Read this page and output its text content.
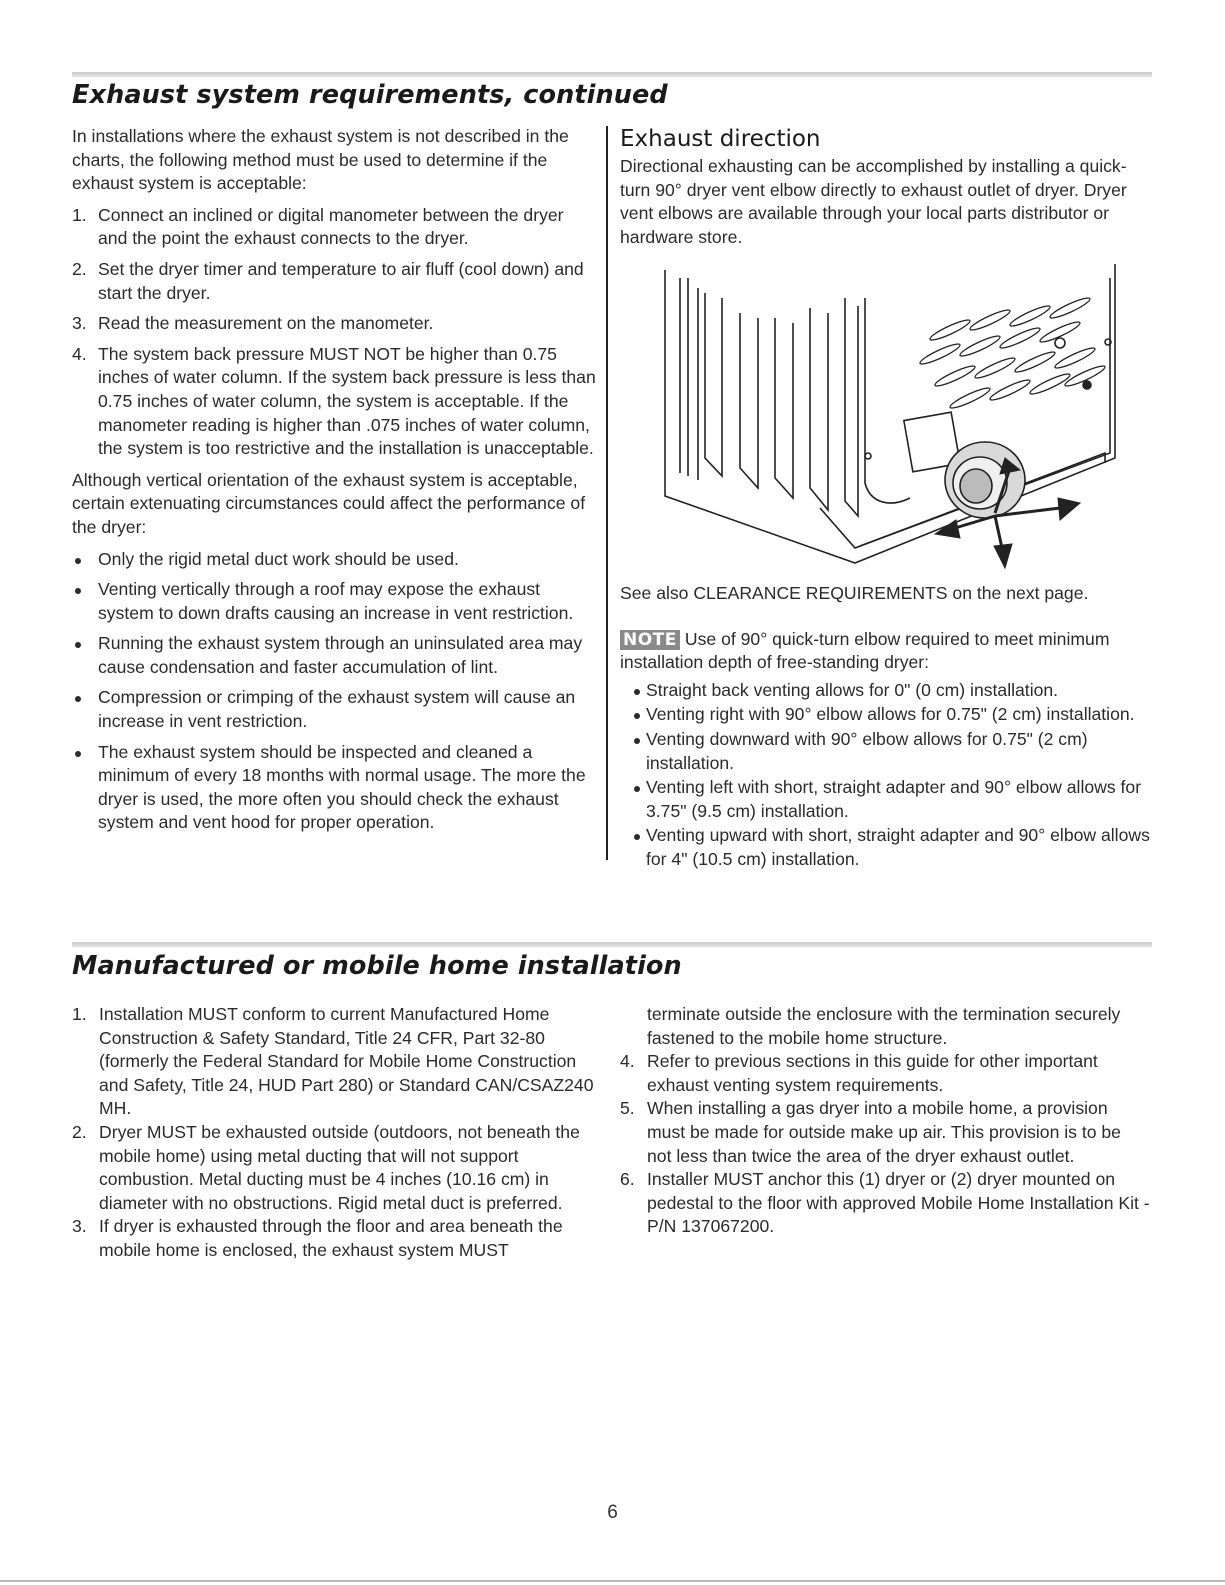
Exhaust system requirements, continued

In installations where the exhaust system is not described in the charts, the following method must be used to determine if the exhaust system is acceptable:

1. Connect an inclined or digital manometer between the dryer and the point the exhaust connects to the dryer.
2. Set the dryer timer and temperature to air fluff (cool down) and start the dryer.
3. Read the measurement on the manometer.
4. The system back pressure MUST NOT be higher than 0.75 inches of water column. If the system back pressure is less than 0.75 inches of water column, the system is acceptable. If the manometer reading is higher than .075 inches of water column, the system is too restrictive and the installation is unacceptable.

Although vertical orientation of the exhaust system is acceptable, certain extenuating circumstances could affect the performance of the dryer:

Only the rigid metal duct work should be used.
Venting vertically through a roof may expose the exhaust system to down drafts causing an increase in vent restriction.
Running the exhaust system through an uninsulated area may cause condensation and faster accumulation of lint.
Compression or crimping of the exhaust system will cause an increase in vent restriction.
The exhaust system should be inspected and cleaned a minimum of every 18 months with normal usage. The more the dryer is used, the more often you should check the exhaust system and vent hood for proper operation.
Exhaust direction

Directional exhausting can be accomplished by installing a quick-turn 90° dryer vent elbow directly to exhaust outlet of dryer. Dryer vent elbows are available through your local parts distributor or hardware store.

See also CLEARANCE REQUIREMENTS on the next page.

NOTE Use of 90° quick-turn elbow required to meet minimum installation depth of free-standing dryer:

Straight back venting allows for 0" (0 cm) installation.
Venting right with 90° elbow allows for 0.75" (2 cm) installation.
Venting downward with 90° elbow allows for 0.75" (2 cm) installation.
Venting left with short, straight adapter and 90° elbow allows for 3.75" (9.5 cm) installation.
Venting upward with short, straight adapter and 90° elbow allows for 4" (10.5 cm) installation.
Manufactured or mobile home installation
1. Installation MUST conform to current Manufactured Home Construction & Safety Standard, Title 24 CFR, Part 32-80 (formerly the Federal Standard for Mobile Home Construction and Safety, Title 24, HUD Part 280) or Standard CAN/CSAZ240 MH.
2. Dryer MUST be exhausted outside (outdoors, not beneath the mobile home) using metal ducting that will not support combustion. Metal ducting must be 4 inches (10.16 cm) in diameter with no obstructions. Rigid metal duct is preferred.
3. If dryer is exhausted through the floor and area beneath the mobile home is enclosed, the exhaust system MUST

terminate outside the enclosure with the termination securely fastened to the mobile home structure.

4. Refer to previous sections in this guide for other important exhaust venting system requirements.
5. When installing a gas dryer into a mobile home, a provision must be made for outside make up air. This provision is to be not less than twice the area of the dryer exhaust outlet.
6. Installer MUST anchor this (1) dryer or (2) dryer mounted on pedestal to the floor with approved Mobile Home Installation Kit - P/N 137067200.
6
